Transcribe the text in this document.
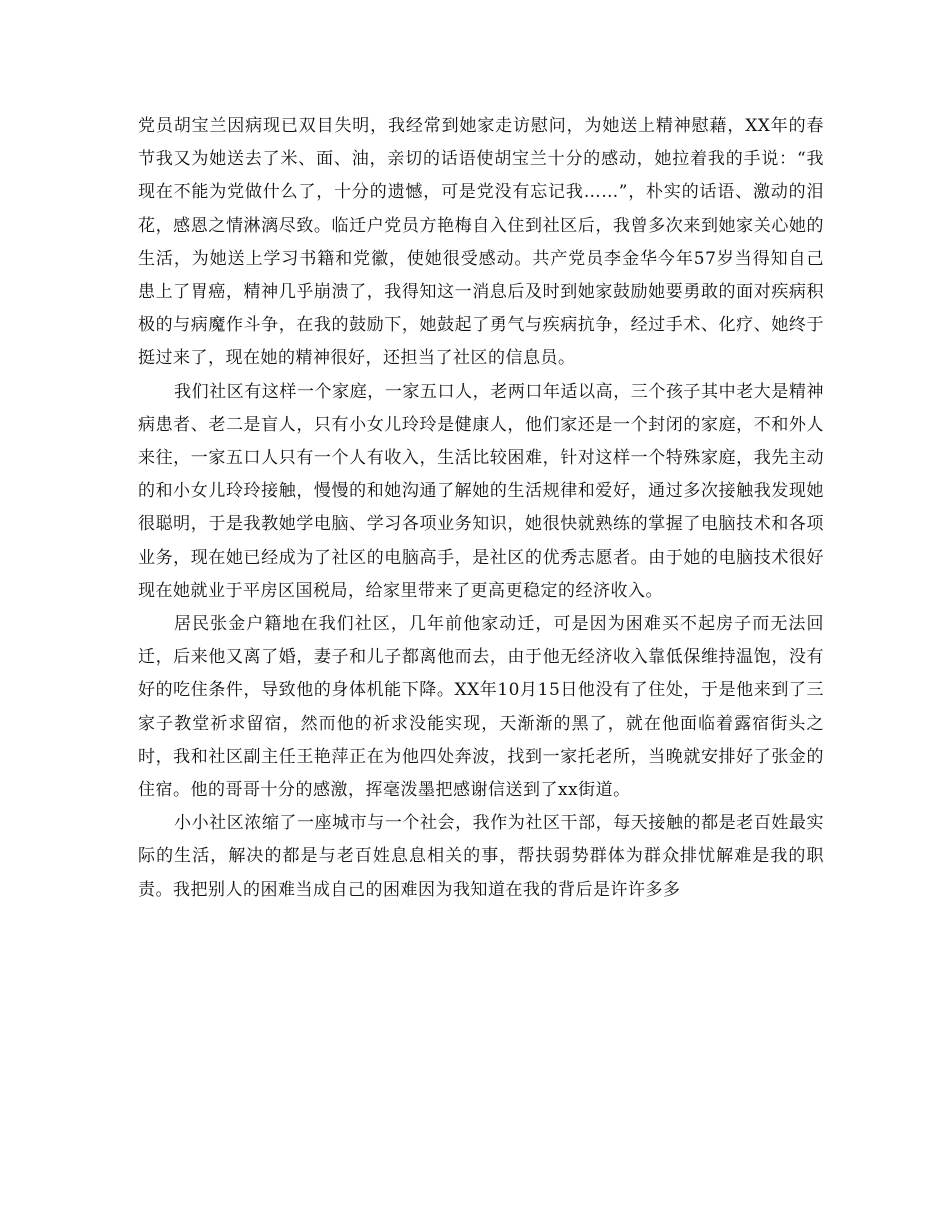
党员胡宝兰因病现已双目失明，我经常到她家走访慰问，为她送上精神慰藉，XX年的春节我又为她送去了米、面、油，亲切的话语使胡宝兰十分的感动，她拉着我的手说：“我现在不能为党做什么了，十分的遗憾，可是党没有忘记我……”，朴实的话语、激动的泪花，感恩之情淋漓尽致。临迁户党员方艳梅自入住到社区后，我曾多次来到她家关心她的生活，为她送上学习书籍和党徽，使她很受感动。共产党员李金华今年57岁当得知自己患上了胃癌，精神几乎崩溃了，我得知这一消息后及时到她家鼓励她要勇敢的面对疾病积极的与病魔作斗争，在我的鼓励下，她鼓起了勇气与疾病抗争，经过手术、化疗、她终于挺过来了，现在她的精神很好，还担当了社区的信息员。

我们社区有这样一个家庭，一家五口人，老两口年适以高，三个孩子其中老大是精神病患者、老二是盲人，只有小女儿玲玲是健康人，他们家还是一个封闭的家庭，不和外人来往，一家五口人只有一个人有收入，生活比较困难，针对这样一个特殊家庭，我先主动的和小女儿玲玲接触，慢慢的和她沟通了解她的生活规律和爱好，通过多次接触我发现她很聪明，于是我教她学电脑、学习各项业务知识，她很快就熟练的掌握了电脑技术和各项业务，现在她已经成为了社区的电脑高手，是社区的优秀志愿者。由于她的电脑技术很好现在她就业于平房区国税局，给家里带来了更高更稳定的经济收入。

居民张金户籍地在我们社区，几年前他家动迁，可是因为困难买不起房子而无法回迁，后来他又离了婚，妻子和儿子都离他而去，由于他无经济收入靠低保维持温饱，没有好的吃住条件，导致他的身体机能下降。XX年10月15日他没有了住处，于是他来到了三家子教堂祈求留宿，然而他的祈求没能实现，天渐渐的黑了，就在他面临着露宿街头之时，我和社区副主任王艳萍正在为他四处奔波，找到一家托老所，当晚就安排好了张金的住宿。他的哥哥十分的感激，挥毫泼墨把感谢信送到了xx街道。

小小社区浓缩了一座城市与一个社会，我作为社区干部，每天接触的都是老百姓最实际的生活，解决的都是与老百姓息息相关的事，帮扶弱势群体为群众排忧解难是我的职责。我把别人的困难当成自己的困难因为我知道在我的背后是许许多多
